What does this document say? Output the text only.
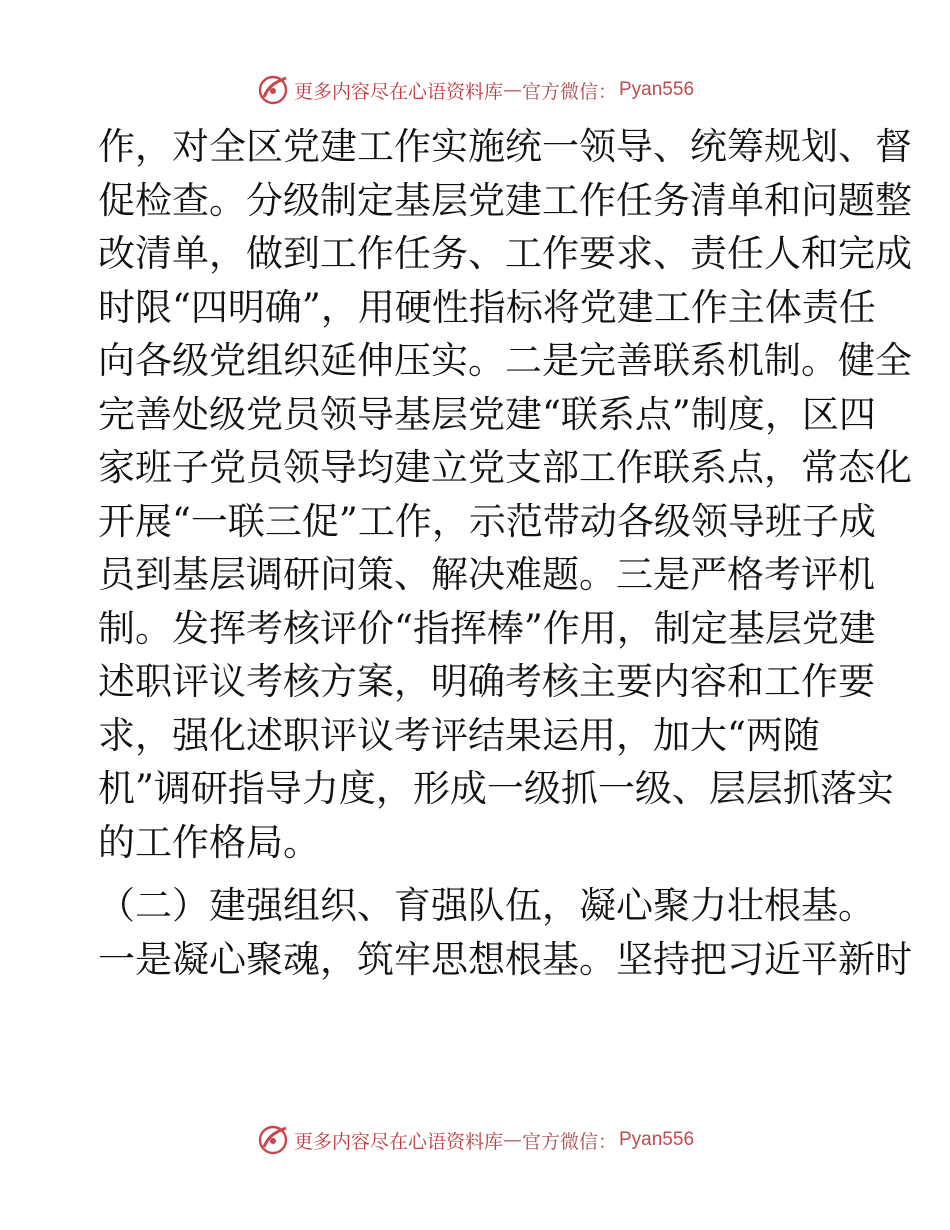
更多内容尽在心语资料库 — 官方微信： Pyan556
作，对全区党建工作实施统一领导、统筹规划、督
促检查。分级制定基层党建工作任务清单和问题整
改清单，做到工作任务、工作要求、责任人和完成
时限“四明确”，用硬性指标将党建工作主体责任
向各级党组织延伸压实。二是完善联系机制。健全
完善处级党员领导基层党建“联系点”制度，区四
家班子党员领导均建立党支部工作联系点，常态化
开展“一联三促”工作，示范带动各级领导班子成
员到基层调研问策、解决难题。三是严格考评机
制。发挥考核评价“指挥棒”作用，制定基层党建
述职评议考核方案，明确考核主要内容和工作要
求，强化述职评议考评结果运用，加大“两随
机”调研指导力度，形成一级抓一级、层层抓落实
的工作格局。
（二）建强组织、育强队伍，凝心聚力壮根基。
一是凝心聚魂，筑牢思想根基。坚持把习近平新时
更多内容尽在心语资料库 — 官方微信： Pyan556
